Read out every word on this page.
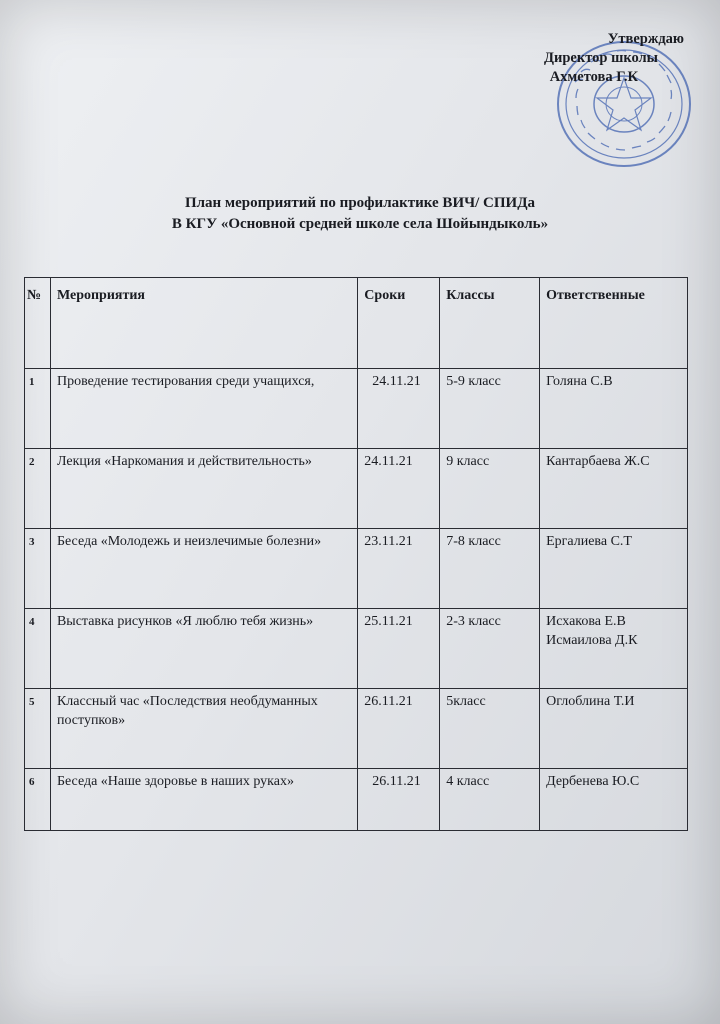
Утверждаю
Директор школы
Ахметова Г.К
План мероприятий по профилактике ВИЧ/ СПИДа
В КГУ «Основной средней школе села Шойындыколь»
№	Мероприятия	Сроки	Классы	Ответственные
1	Проведение тестирования среди учащихся,	24.11.21	5-9 класс	Голяна С.В
2	Лекция «Наркомания и действительность»	24.11.21	9 класс	Кантарбаева Ж.С
3	Беседа «Молодежь и неизлечимые болезни»	23.11.21	7-8 класс	Ергалиева С.Т
4	Выставка рисунков «Я люблю тебя жизнь»	25.11.21	2-3 класс	Исхакова Е.В Исмаилова Д.К
5	Классный час «Последствия необдуманных поступков»	26.11.21	5класс	Оглоблина Т.И
6	Беседа «Наше здоровье в наших руках»	26.11.21	4 класс	Дербенева Ю.С
